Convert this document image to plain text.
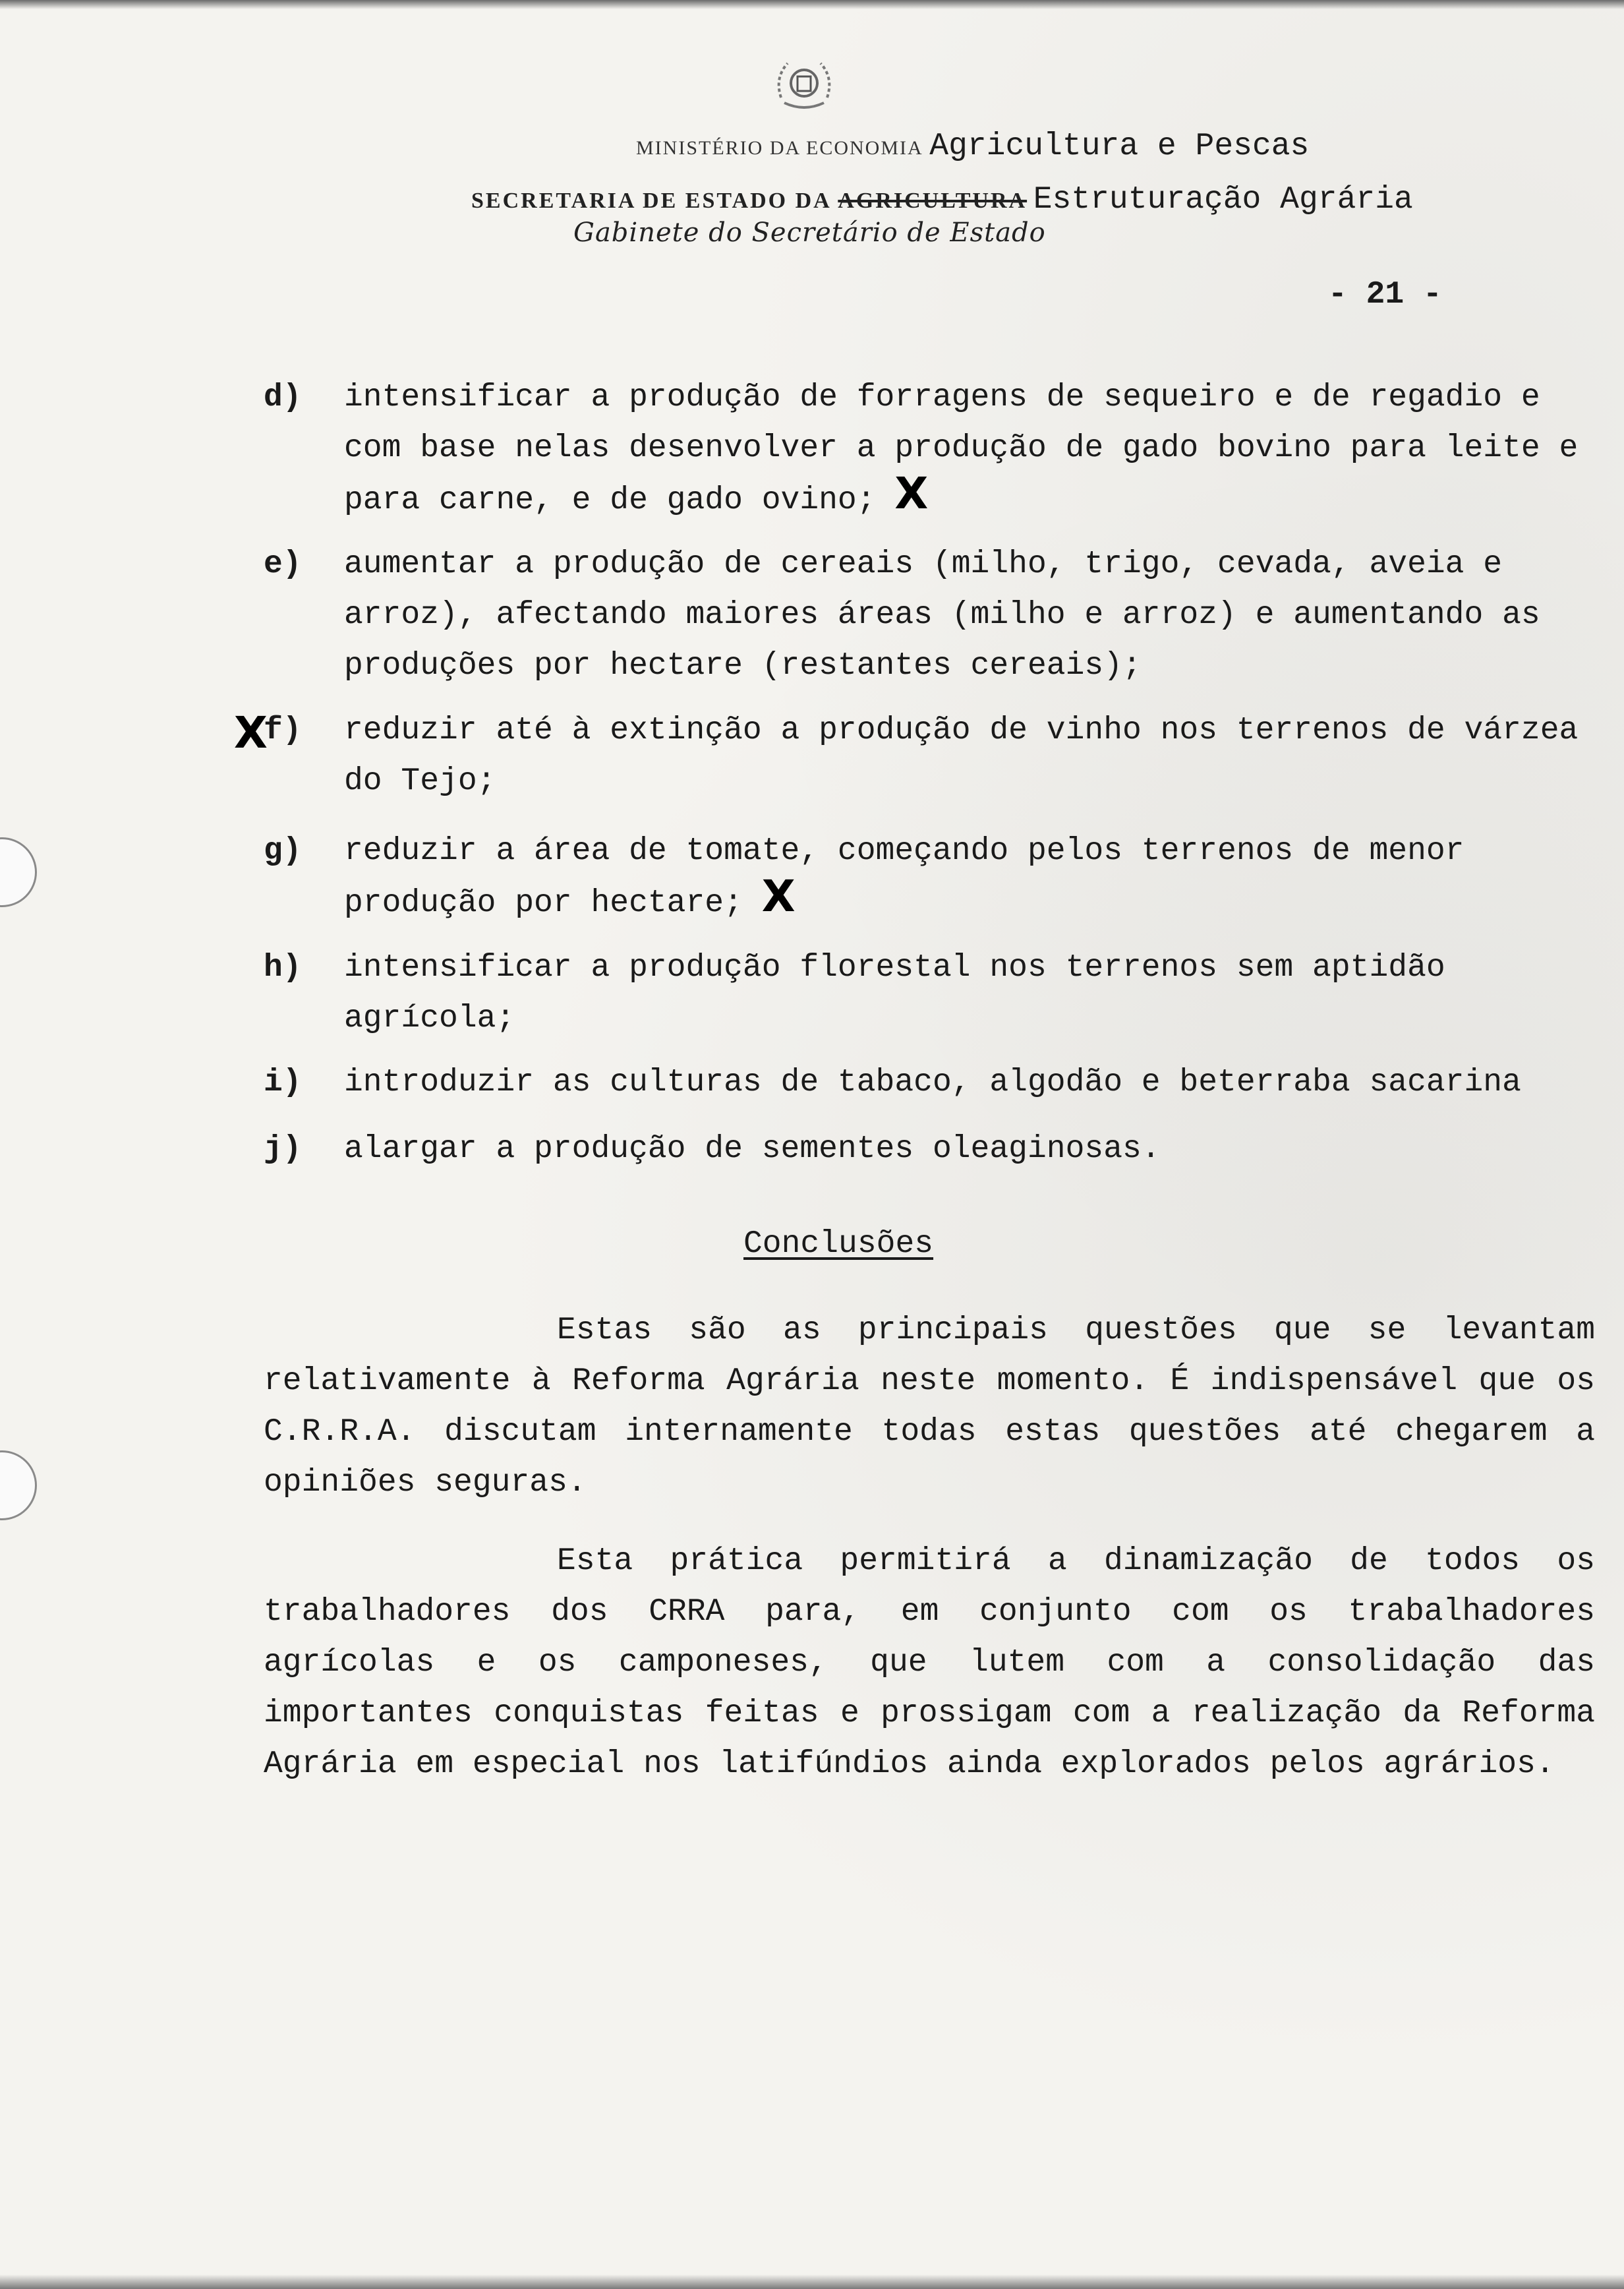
MINISTÉRIO DA ECONOMIA Agricultura e Pescas
SECRETARIA DE ESTADO DA AGRICULTURA Estruturação Agrária
Gabinete do Secretário de Estado
- 21 -
d)	intensificar a produção de forragens de sequeiro e de regadio e com base nelas desenvolver a produção de gado bovino para leite e para carne, e de gado ovino; X
e)	aumentar a produção de cereais (milho, trigo, cevada, aveia e arroz), afectando maiores áreas (milho e arroz) e aumentando as produções por hectare (restantes cereais);
X
f)	reduzir até à extinção a produção de vinho nos terrenos de várzea do Tejo;
g)	reduzir a área de tomate, começando pelos terrenos de menor produção por hectare; X
h)	intensificar a produção florestal nos terrenos sem aptidão agrícola;
i)	introduzir as culturas de tabaco, algodão e beterraba sacarina
j)	alargar a produção de sementes oleaginosas.
Conclusões
Estas são as principais questões que se levantam relativamente à Reforma Agrária neste momento. É indispensável que os C.R.R.A. discutam internamente todas estas questões até chegarem a opiniões seguras.
Esta prática permitirá a dinamização de todos os trabalhadores dos CRRA para, em conjunto com os trabalhadores agrícolas e os camponeses, que lutem com a consolidação das importantes conquistas feitas e prossigam com a realização da Reforma Agrária em especial nos latifúndios ainda explorados pelos agrários.
